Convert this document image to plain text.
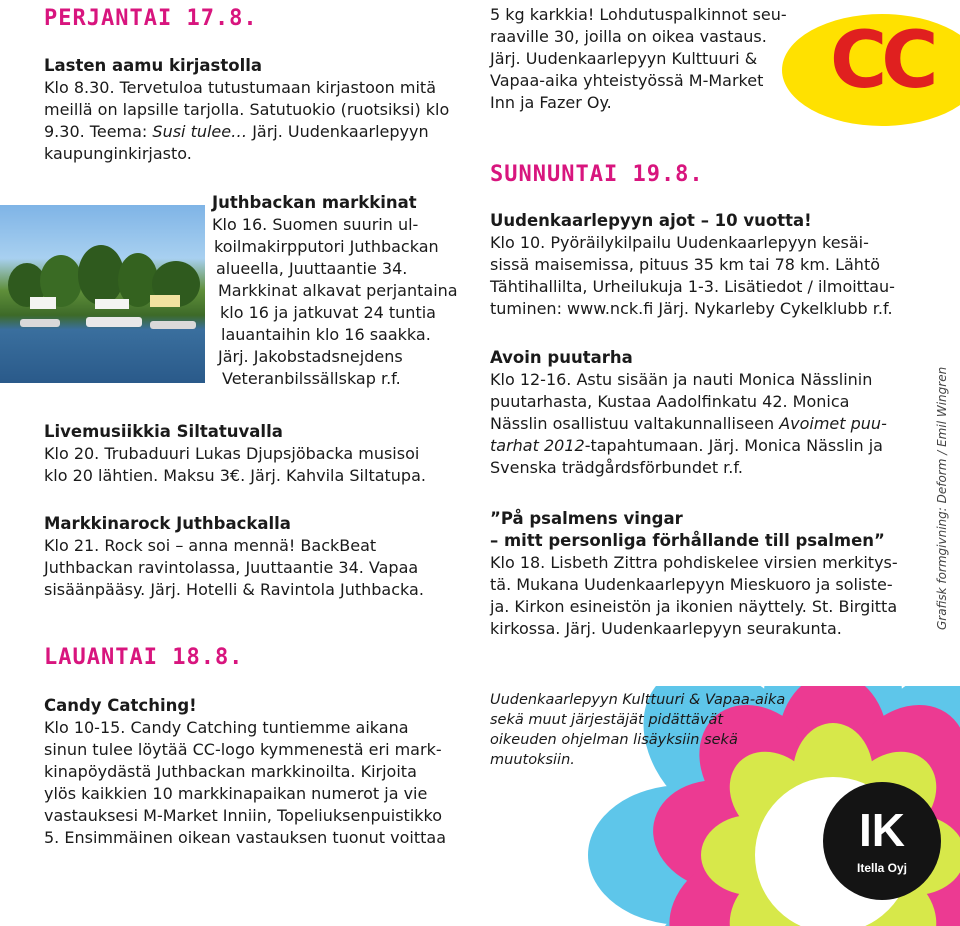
PERJANTAI 17.8.
Lasten aamu kirjastolla

Klo 8.30. Tervetuloa tutustumaan kirjastoon mitä

meillä on lapsille tarjolla. Satutuokio (ruotsiksi) klo

9.30. Teema: Susi tulee… Järj. Uudenkaarlepyyn

kaupunginkirjasto.

Juthbackan markkinat

Klo 16. Suomen suurin ul-

koilmakirpputori Juthbackan

alueella, Juuttaantie 34.

Markkinat alkavat perjantaina

klo 16 ja jatkuvat 24 tuntia

lauantaihin klo 16 saakka.

Järj. Jakobstadsnejdens

Veteranbilssällskap r.f.

Livemusiikkia Siltatuvalla

Klo 20. Trubaduuri Lukas Djupsjöbacka musisoi

klo 20 lähtien. Maksu 3€. Järj. Kahvila Siltatupa.

Markkinarock Juthbackalla

Klo 21. Rock soi – anna mennä! BackBeat

Juthbackan ravintolassa, Juuttaantie 34. Vapaa

sisäänpääsy. Järj. Hotelli & Ravintola Juthbacka.

LAUANTAI 18.8.
Candy Catching!

Klo 10-15. Candy Catching tuntiemme aikana

sinun tulee löytää CC-logo kymmenestä eri mark-

kinapöydästä Juthbackan markkinoilta. Kirjoita

ylös kaikkien 10 markkinapaikan numerot ja vie

vastauksesi M-Market Inniin, Topeliuksenpuistikko

5. Ensimmäinen oikean vastauksen tuonut voittaa

5 kg karkkia! Lohdutuspalkinnot seu-

raaville 30, joilla on oikea vastaus.

Järj. Uudenkaarlepyyn Kulttuuri &

Vapaa-aika yhteistyössä M-Market

Inn ja Fazer Oy.	CC
SUNNUNTAI 19.8.
Uudenkaarlepyyn ajot – 10 vuotta!

Klo 10. Pyöräilykilpailu Uudenkaarlepyyn kesäi-

sissä maisemissa, pituus 35 km tai 78 km. Lähtö

Tähtihallilta, Urheilukuja 1-3. Lisätiedot / ilmoittau-

tuminen: www.nck.fi Järj. Nykarleby Cykelklubb r.f.

Avoin puutarha

Klo 12-16. Astu sisään ja nauti Monica Nässlinin

puutarhasta, Kustaa Aadolfinkatu 42. Monica

Nässlin osallistuu valtakunnalliseen Avoimet puu-

tarhat 2012-tapahtumaan. Järj. Monica Nässlin ja

Svenska trädgårdsförbundet r.f.

”På psalmens vingar
– mitt personliga förhållande till psalmen”

Klo 18. Lisbeth Zittra pohdiskelee virsien merkitys-

tä. Mukana Uudenkaarlepyyn Mieskuoro ja soliste-

ja. Kirkon esineistön ja ikonien näyttely. St. Birgitta

kirkossa. Järj. Uudenkaarlepyyn seurakunta.	Grafisk formgivning: Deform / Emil Wingren
IK
Itella Oyj
Uudenkaarlepyyn Kulttuuri & Vapaa-aika
sekä muut järjestäjät pidättävät
oikeuden ohjelman lisäyksiin sekä
muutoksiin.
